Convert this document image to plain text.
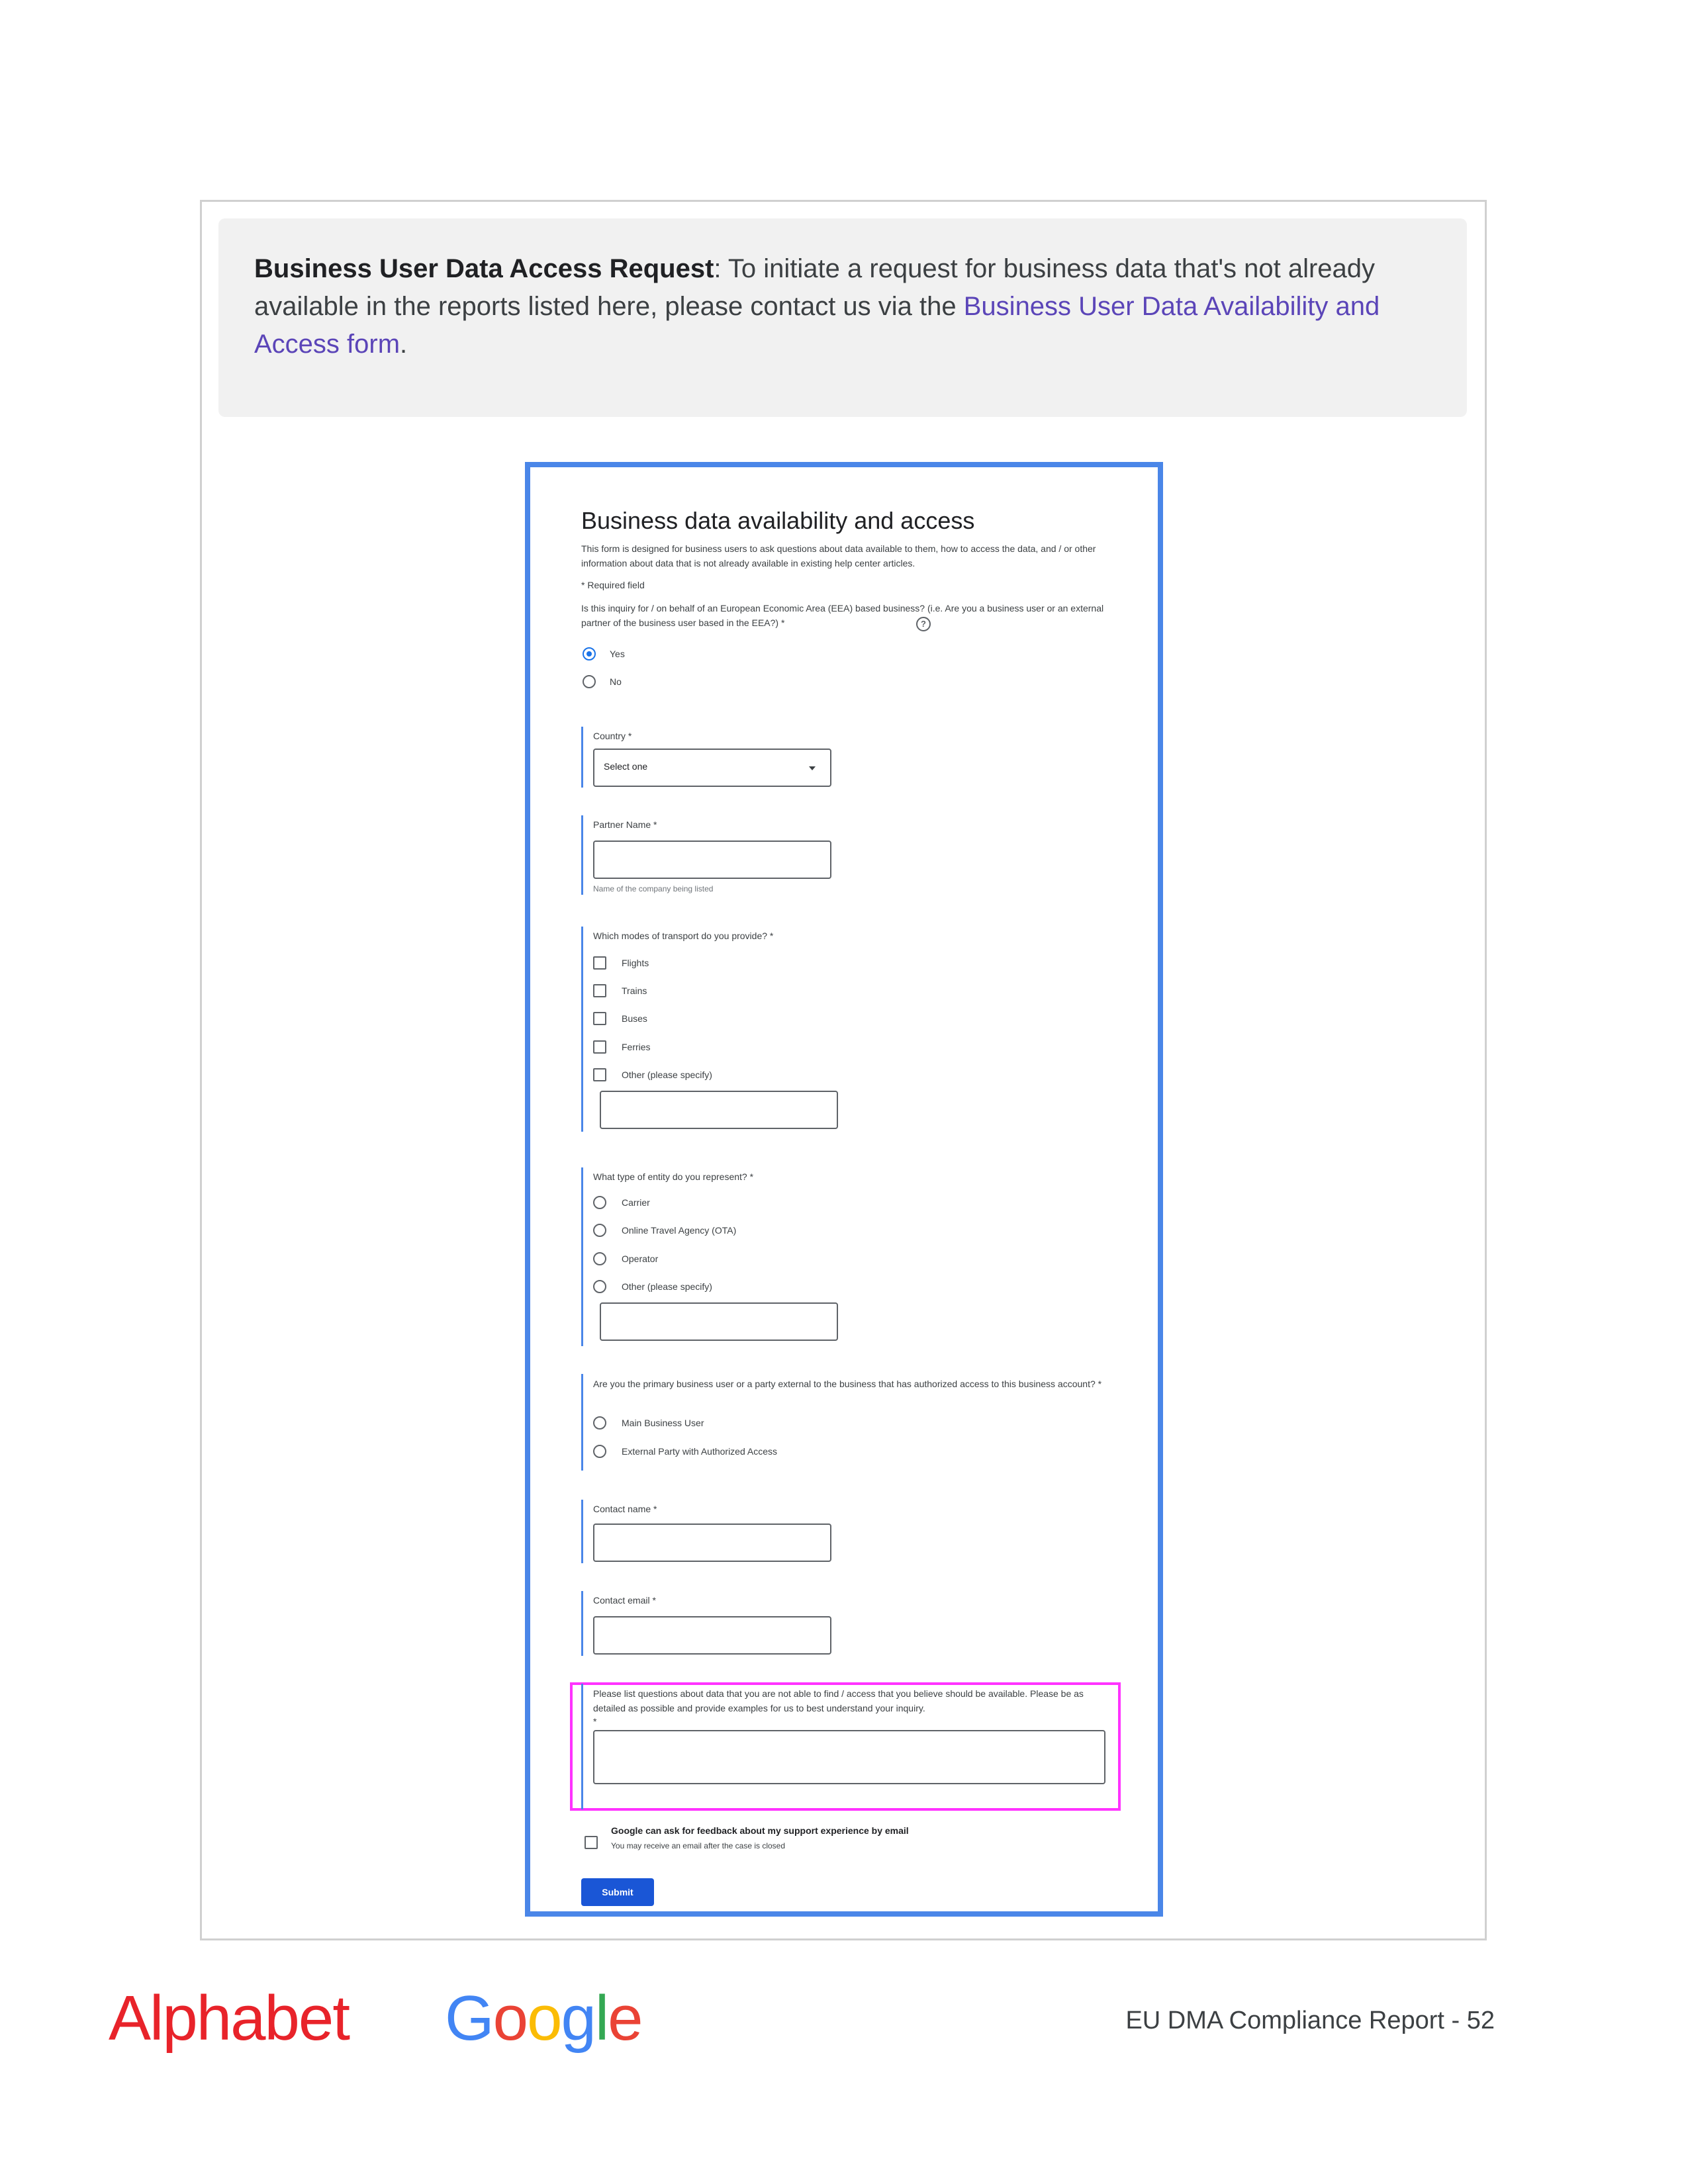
Business User Data Access Request: To initiate a request for business data that's not already available in the reports listed here, please contact us via the Business User Data Availability and Access form.
Business data availability and access
This form is designed for business users to ask questions about data available to them, how to access the data, and / or other information about data that is not already available in existing help center articles.
* Required field
Is this inquiry for / on behalf of an European Economic Area (EEA) based business? (i.e. Are you a business user or an external partner of the business user based in the EEA?) *	?
Yes
No
Country *
Select one
Partner Name *
Name of the company being listed
Which modes of transport do you provide? *
Flights
Trains
Buses
Ferries
Other (please specify)
What type of entity do you represent? *
Carrier
Online Travel Agency (OTA)
Operator
Other (please specify)
Are you the primary business user or a party external to the business that has authorized access to this business account? *
Main Business User
External Party with Authorized Access
Contact name *
Contact email *
Please list questions about data that you are not able to find / access that you believe should be available. Please be as detailed as possible and provide examples for us to best understand your inquiry.
*
Google can ask for feedback about my support experience by email
You may receive an email after the case is closed
Submit
Alphabet Google	EU DMA Compliance Report - 52
